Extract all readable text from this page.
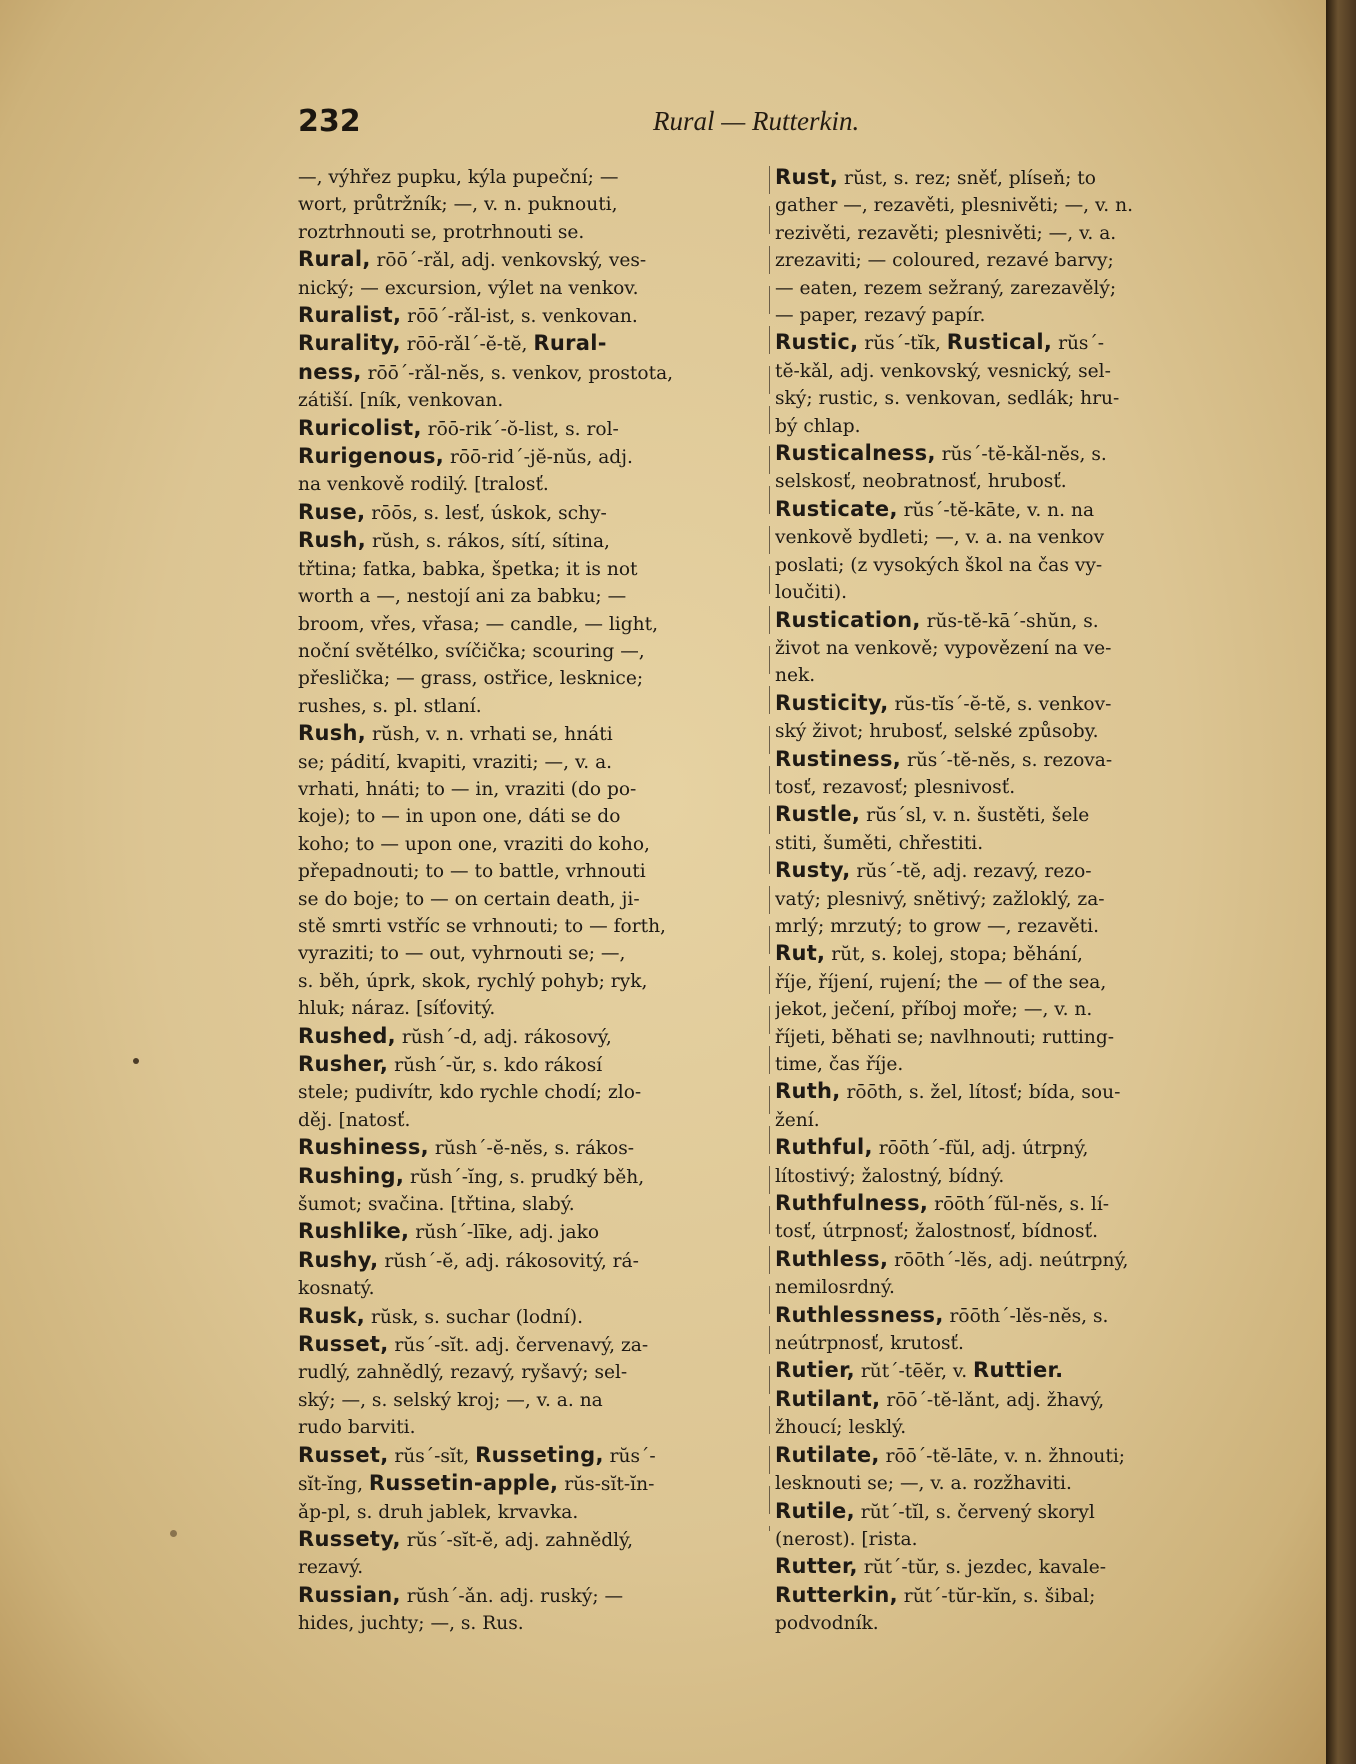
232	Rural — Rutterkin.

—, výhřez pupku, kýla pupeční; —

wort, průtržník; —, v. n. puknouti,

roztrhnouti se, protrhnouti se.

Rural, rōō´-rǎl, adj. venkovský, ves-

nický; — excursion, výlet na venkov.

Ruralist, rōō´-rǎl-ist, s. venkovan.

Rurality, rōō-rǎl´-ĕ-tĕ, Rural-

ness, rōō´-rǎl-nĕs, s. venkov, prostota,

zátiší. [ník, venkovan.

Ruricolist, rōō-rik´-ŏ-list, s. rol-

Rurigenous, rōō-rid´-jĕ-nŭs, adj.

na venkově rodilý. [tralosť.

Ruse, rōōs, s. lesť, úskok, schy-

Rush, rŭsh, s. rákos, sítí, sítina,

třtina; fatka, babka, špetka; it is not

worth a —, nestojí ani za babku; —

broom, vřes, vřasa; — candle, — light,

noční světélko, svíčička; scouring —,

přeslička; — grass, ostřice, lesknice;

rushes, s. pl. stlaní.

Rush, rŭsh, v. n. vrhati se, hnáti

se; pádití, kvapiti, vraziti; —, v. a.

vrhati, hnáti; to — in, vraziti (do po-

koje); to — in upon one, dáti se do

koho; to — upon one, vraziti do koho,

přepadnouti; to — to battle, vrhnouti

se do boje; to — on certain death, ji-

stě smrti vstříc se vrhnouti; to — forth,

vyraziti; to — out, vyhrnouti se; —,

s. běh, úprk, skok, rychlý pohyb; ryk,

hluk; náraz. [síťovitý.

Rushed, rŭsh´-d, adj. rákosový,

Rusher, rŭsh´-ŭr, s. kdo rákosí

stele; pudivítr, kdo rychle chodí; zlo-

děj. [natosť.

Rushiness, rŭsh´-ĕ-nĕs, s. rákos-

Rushing, rŭsh´-ĭng, s. prudký běh,

šumot; svačina. [třtina, slabý.

Rushlike, rŭsh´-līke, adj. jako

Rushy, rŭsh´-ĕ, adj. rákosovitý, rá-

kosnatý.

Rusk, rŭsk, s. suchar (lodní).

Russet, rŭs´-sĭt. adj. červenavý, za-

rudlý, zahnědlý, rezavý, ryšavý; sel-

ský; —, s. selský kroj; —, v. a. na

rudo barviti.

Russet, rŭs´-sĭt, Russeting, rŭs´-

sĭt-ĭng, Russetin-apple, rŭs-sĭt-ĭn-

ǎp-pl, s. druh jablek, krvavka.

Russety, rŭs´-sĭt-ĕ, adj. zahnědlý,

rezavý.

Russian, rŭsh´-ǎn. adj. ruský; —

hides, juchty; —, s. Rus.

Rust, rŭst, s. rez; sněť, plíseň; to

gather —, rezavěti, plesnivěti; —, v. n.

rezivěti, rezavěti; plesnivěti; —, v. a.

zrezaviti; — coloured, rezavé barvy;

— eaten, rezem sežraný, zarezavělý;

— paper, rezavý papír.

Rustic, rŭs´-tĭk, Rustical, rŭs´-

tĕ-kǎl, adj. venkovský, vesnický, sel-

ský; rustic, s. venkovan, sedlák; hru-

bý chlap.

Rusticalness, rŭs´-tĕ-kǎl-nĕs, s.

selskosť, neobratnosť, hrubosť.

Rusticate, rŭs´-tĕ-kāte, v. n. na

venkově bydleti; —, v. a. na venkov

poslati; (z vysokých škol na čas vy-

loučiti).

Rustication, rŭs-tĕ-kā´-shŭn, s.

život na venkově; vypovězení na ve-

nek.

Rusticity, rŭs-tĭs´-ĕ-tĕ, s. venkov-

ský život; hrubosť, selské způsoby.

Rustiness, rŭs´-tĕ-nĕs, s. rezova-

tosť, rezavosť; plesnivosť.

Rustle, rŭs´sl, v. n. šustěti, šele

stiti, šuměti, chřestiti.

Rusty, rŭs´-tĕ, adj. rezavý, rezo-

vatý; plesnivý, snětivý; zažloklý, za-

mrlý; mrzutý; to grow —, rezavěti.

Rut, rŭt, s. kolej, stopa; běhání,

říje, říjení, rujení; the — of the sea,

jekot, ječení, příboj moře; —, v. n.

říjeti, běhati se; navlhnouti; rutting-

time, čas říje.

Ruth, rōōth, s. žel, lítosť; bída, sou-

žení.

Ruthful, rōōth´-fŭl, adj. útrpný,

lítostivý; žalostný, bídný.

Ruthfulness, rōōth´fŭl-nĕs, s. lí-

tosť, útrpnosť; žalostnosť, bídnosť.

Ruthless, rōōth´-lĕs, adj. neútrpný,

nemilosrdný.

Ruthlessness, rōōth´-lĕs-nĕs, s.

neútrpnosť, krutosť.

Rutier, rŭt´-tēĕr, v. Ruttier.

Rutilant, rōō´-tĕ-lǎnt, adj. žhavý,

žhoucí; lesklý.

Rutilate, rōō´-tĕ-lāte, v. n. žhnouti;

lesknouti se; —, v. a. rozžhaviti.

Rutile, rŭt´-tĭl, s. červený skoryl

(nerost). [rista.

Rutter, rŭt´-tŭr, s. jezdec, kavale-

Rutterkin, rŭt´-tŭr-kĭn, s. šibal;

podvodník.
